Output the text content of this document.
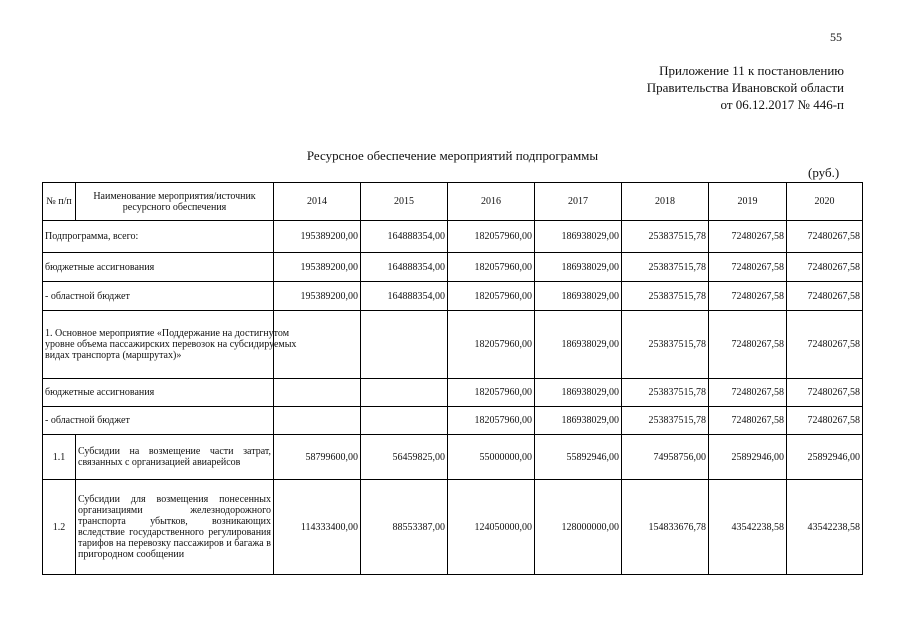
55
Приложение 11 к постановлению
Правительства Ивановской области
от 06.12.2017 № 446-п
Ресурсное обеспечение мероприятий подпрограммы
(руб.)
№ п/п	Наименование мероприятия/источник ресурсного обеспечения	2014	2015	2016	2017	2018	2019	2020
Подпрограмма, всего:		195389200,00	164888354,00	182057960,00	186938029,00	253837515,78	72480267,58	72480267,58
бюджетные ассигнования		195389200,00	164888354,00	182057960,00	186938029,00	253837515,78	72480267,58	72480267,58
- областной бюджет		195389200,00	164888354,00	182057960,00	186938029,00	253837515,78	72480267,58	72480267,58

1. Основное мероприятие «Поддержание на достигнутом уровне объема пассажирских перевозок на субсидируемых видах транспорта (маршрутах)»				182057960,00	186938029,00	253837515,78	72480267,58	72480267,58
бюджетные ассигнования				182057960,00	186938029,00	253837515,78	72480267,58	72480267,58
- областной бюджет				182057960,00	186938029,00	253837515,78	72480267,58	72480267,58
1.1	Субсидии на возмещение части затрат, связанных с организацией авиарейсов	58799600,00	56459825,00	55000000,00	55892946,00	74958756,00	25892946,00	25892946,00
1.2	Субсидии для возмещения понесенных организациями железнодорожного транспорта убытков, возникающих вследствие государственного регулирования тарифов на перевозку пассажиров и багажа в пригородном сообщении	114333400,00	88553387,00	124050000,00	128000000,00	154833676,78	43542238,58	43542238,58
